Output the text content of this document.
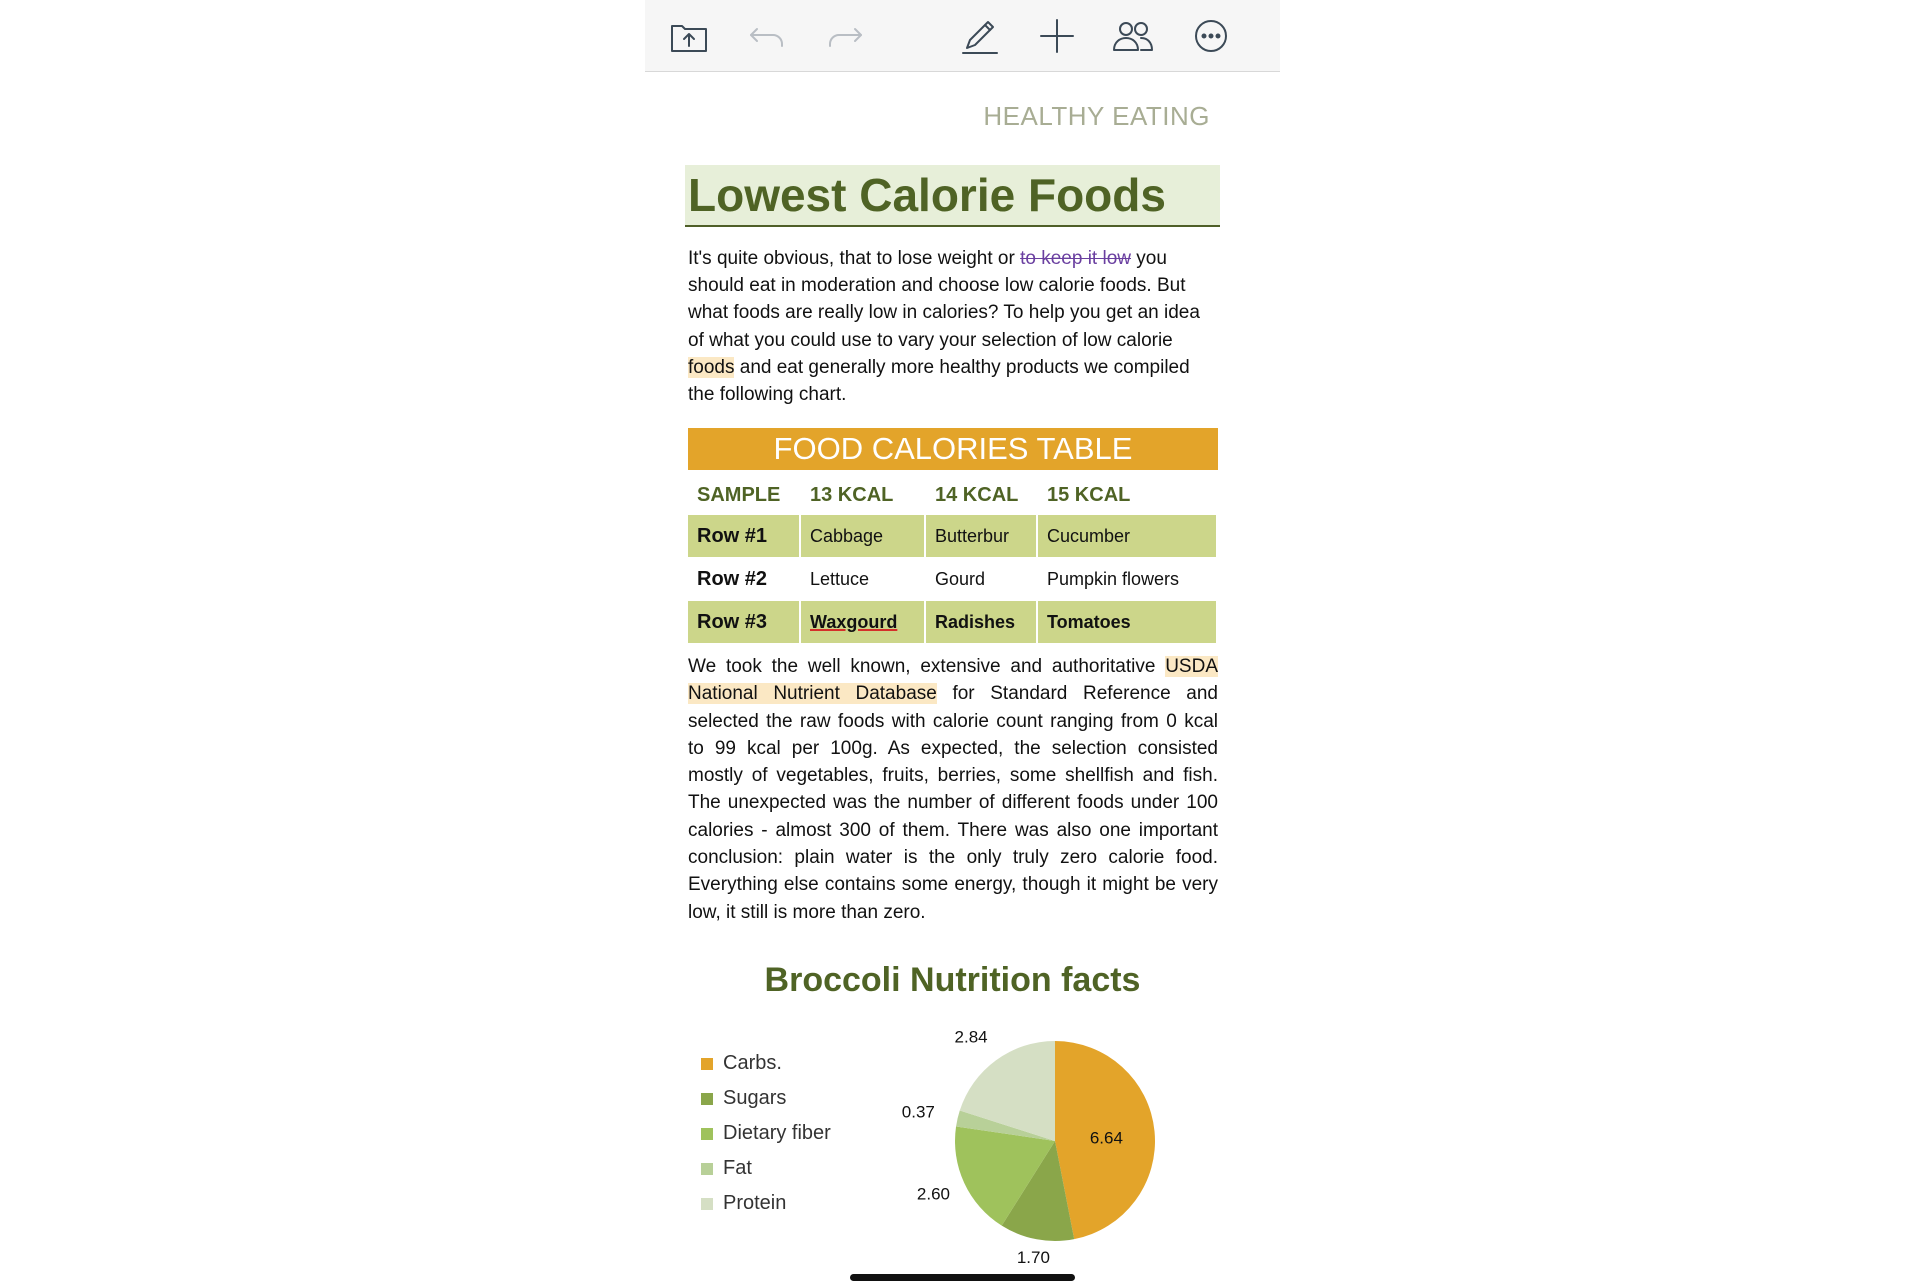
HEALTHY EATING
Lowest Calorie Foods
It's quite obvious, that to lose weight or to keep it low you should eat in moderation and choose low calorie foods. But what foods are really low in calories? To help you get an idea of what you could use to vary your selection of low calorie foods and eat generally more healthy products we compiled the following chart.
FOOD CALORIES TABLE
SAMPLE	13 KCAL	14 KCAL	15 KCAL
Row #1	Cabbage	Butterbur	Cucumber
Row #2	Lettuce	Gourd	Pumpkin flowers
Row #3	Waxgourd	Radishes	Tomatoes
We took the well known, extensive and authoritative USDA National Nutrient Database for Standard Reference and selected the raw foods with calorie count ranging from 0 kcal to 99 kcal per 100g. As expected, the selection consisted mostly of vegetables, fruits, berries, some shellfish and fish. The unexpected was the number of different foods under 100 calories - almost 300 of them. There was also one important conclusion: plain water is the only truly zero calorie food. Everything else contains some energy, though it might be very low, it still is more than zero.
Broccoli Nutrition facts
Carbs.
Sugars
Dietary fiber
Fat
Protein
6.64
1.70
2.60
0.37
2.84
